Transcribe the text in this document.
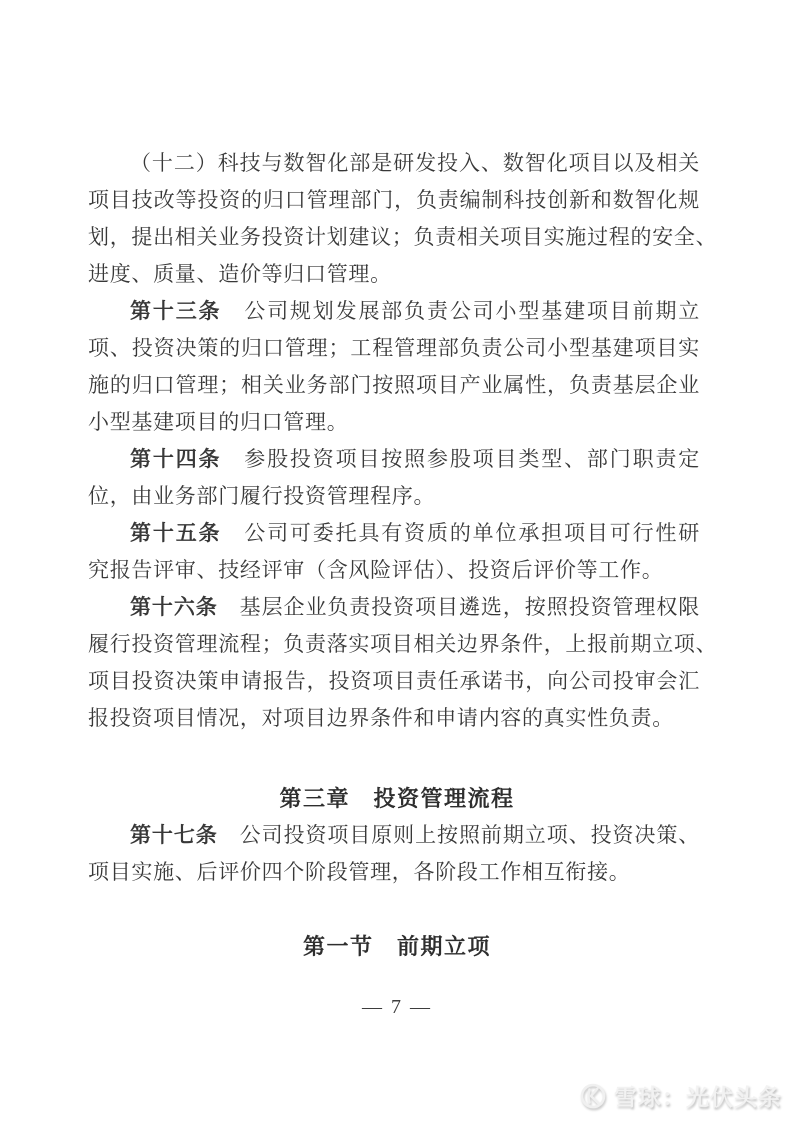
（十二）科技与数智化部是研发投入、数智化项目以及相关
项目技改等投资的归口管理部门，负责编制科技创新和数智化规
划，提出相关业务投资计划建议；负责相关项目实施过程的安全、
进度、质量、造价等归口管理。
第十三条　公司规划发展部负责公司小型基建项目前期立
项、投资决策的归口管理；工程管理部负责公司小型基建项目实
施的归口管理；相关业务部门按照项目产业属性，负责基层企业
小型基建项目的归口管理。
第十四条　参股投资项目按照参股项目类型、部门职责定
位，由业务部门履行投资管理程序。
第十五条　公司可委托具有资质的单位承担项目可行性研
究报告评审、技经评审（含风险评估）、投资后评价等工作。
第十六条　基层企业负责投资项目遴选，按照投资管理权限
履行投资管理流程；负责落实项目相关边界条件，上报前期立项、
项目投资决策申请报告，投资项目责任承诺书，向公司投审会汇
报投资项目情况，对项目边界条件和申请内容的真实性负责。
第三章　投资管理流程
第十七条　公司投资项目原则上按照前期立项、投资决策、
项目实施、后评价四个阶段管理，各阶段工作相互衔接。
第一节　前期立项
— 7 —
雪球：光伏头条
